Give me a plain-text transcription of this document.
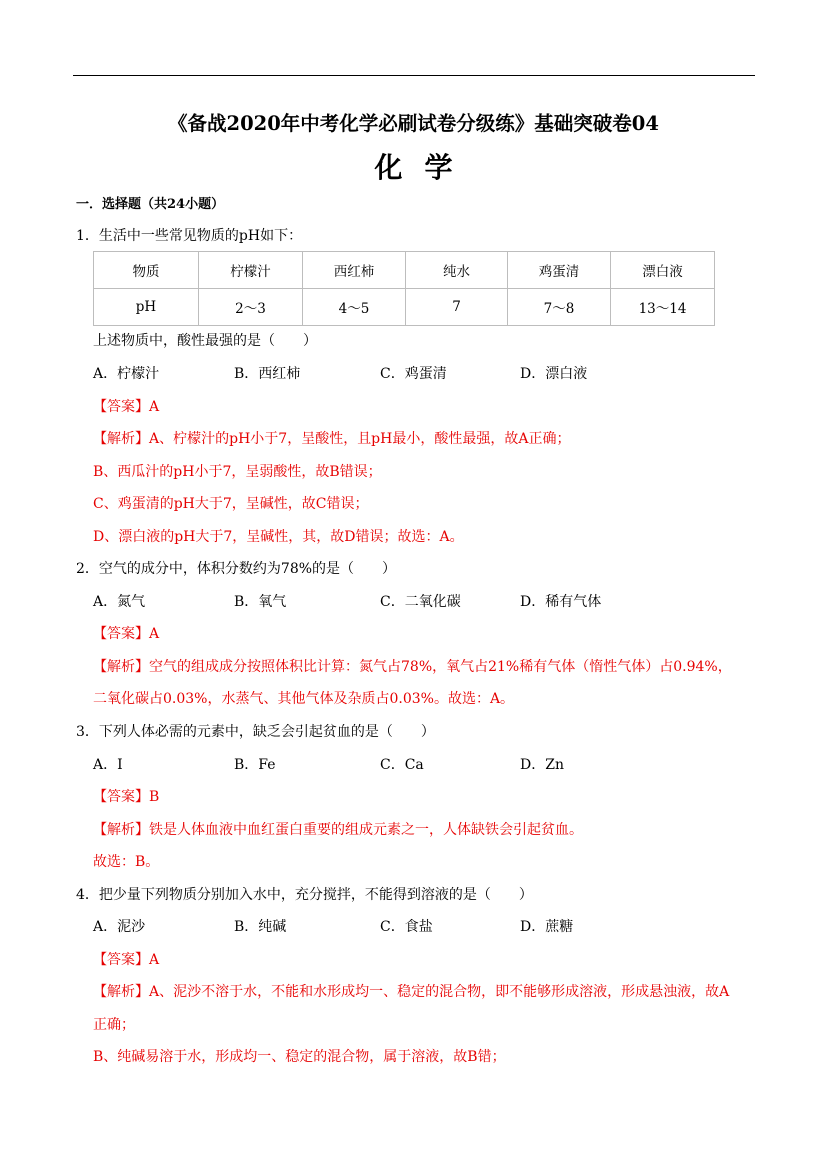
《备战2020年中考化学必刷试卷分级练》基础突破卷04
化学
一．选择题（共24小题）
1．生活中一些常见物质的pH如下：
物质	柠檬汁	西红柿	纯水	鸡蛋清	漂白液
pH	2～3	4～5	7	7～8	13～14
上述物质中，酸性最强的是（　　）
A．柠檬汁	B．西红柿	C．鸡蛋清	D．漂白液
【答案】A
【解析】A、柠檬汁的pH小于7，呈酸性，且pH最小，酸性最强，故A正确；
B、西瓜汁的pH小于7，呈弱酸性，故B错误；
C、鸡蛋清的pH大于7，呈碱性，故C错误；
D、漂白液的pH大于7，呈碱性，其，故D错误；故选：A。
2．空气的成分中，体积分数约为78%的是（　　）
A．氮气	B．氧气	C．二氧化碳	D．稀有气体
【答案】A
【解析】空气的组成成分按照体积比计算：氮气占78%，氧气占21%稀有气体（惰性气体）占0.94%，
二氧化碳占0.03%，水蒸气、其他气体及杂质占0.03%。故选：A。
3．下列人体必需的元素中，缺乏会引起贫血的是（　　）
A．I	B．Fe	C．Ca	D．Zn
【答案】B
【解析】铁是人体血液中血红蛋白重要的组成元素之一，人体缺铁会引起贫血。
故选：B。
4．把少量下列物质分别加入水中，充分搅拌，不能得到溶液的是（　　）
A．泥沙	B．纯碱	C．食盐	D．蔗糖
【答案】A
【解析】A、泥沙不溶于水，不能和水形成均一、稳定的混合物，即不能够形成溶液，形成悬浊液，故A
正确；
B、纯碱易溶于水，形成均一、稳定的混合物，属于溶液，故B错；
